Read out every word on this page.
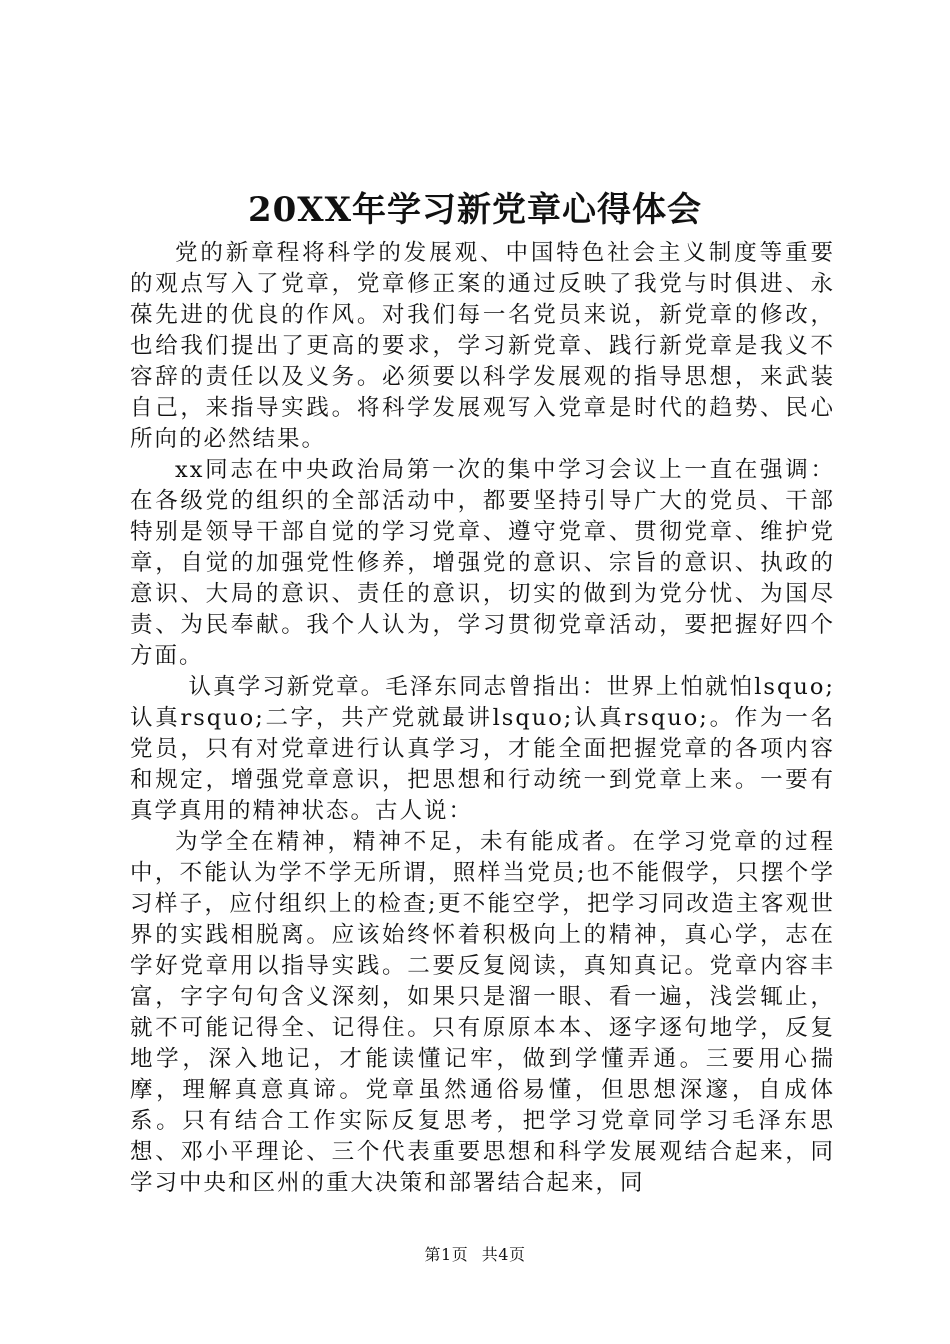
20XX年学习新党章心得体会

党的新章程将科学的发展观、中国特色社会主义制度等重要的观点写入了党章，党章修正案的通过反映了我党与时俱进、永葆先进的优良的作风。对我们每一名党员来说，新党章的修改，也给我们提出了更高的要求，学习新党章、践行新党章是我义不容辞的责任以及义务。必须要以科学发展观的指导思想，来武装自己，来指导实践。将科学发展观写入党章是时代的趋势、民心所向的必然结果。

xx同志在中央政治局第一次的集中学习会议上一直在强调：在各级党的组织的全部活动中，都要坚持引导广大的党员、干部特别是领导干部自觉的学习党章、遵守党章、贯彻党章、维护党章，自觉的加强党性修养，增强党的意识、宗旨的意识、执政的意识、大局的意识、责任的意识，切实的做到为党分忧、为国尽责、为民奉献。我个人认为，学习贯彻党章活动，要把握好四个方面。

认真学习新党章。毛泽东同志曾指出：世界上怕就怕lsquo;认真rsquo;二字，共产党就最讲lsquo;认真rsquo;。作为一名党员，只有对党章进行认真学习，才能全面把握党章的各项内容和规定，增强党章意识，把思想和行动统一到党章上来。一要有真学真用的精神状态。古人说：

为学全在精神，精神不足，未有能成者。在学习党章的过程中，不能认为学不学无所谓，照样当党员;也不能假学，只摆个学习样子，应付组织上的检查;更不能空学，把学习同改造主客观世界的实践相脱离。应该始终怀着积极向上的精神，真心学，志在学好党章用以指导实践。二要反复阅读，真知真记。党章内容丰富，字字句句含义深刻，如果只是溜一眼、看一遍，浅尝辄止，就不可能记得全、记得住。只有原原本本、逐字逐句地学，反复地学，深入地记，才能读懂记牢，做到学懂弄通。三要用心揣摩，理解真意真谛。党章虽然通俗易懂，但思想深邃，自成体系。只有结合工作实际反复思考，把学习党章同学习毛泽东思想、邓小平理论、三个代表重要思想和科学发展观结合起来，同学习中央和区州的重大决策和部署结合起来，同

第1页 共4页
